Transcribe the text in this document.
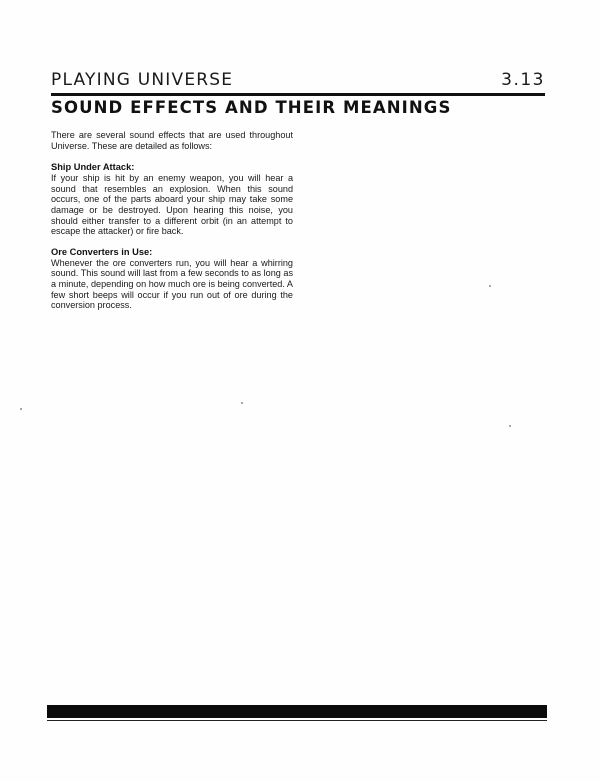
PLAYING UNIVERSE	3.13
SOUND EFFECTS AND THEIR MEANINGS

There are several sound effects that are used throughout Universe. These are detailed as follows:

Ship Under Attack:

If your ship is hit by an enemy weapon, you will hear a sound that resembles an explosion. When this sound occurs, one of the parts aboard your ship may take some damage or be destroyed. Upon hearing this noise, you should either transfer to a different orbit (in an attempt to escape the attacker) or fire back.

Ore Converters in Use:

Whenever the ore converters run, you will hear a whirring sound. This sound will last from a few seconds to as long as a minute, depending on how much ore is being converted. A few short beeps will occur if you run out of ore during the conversion process.
